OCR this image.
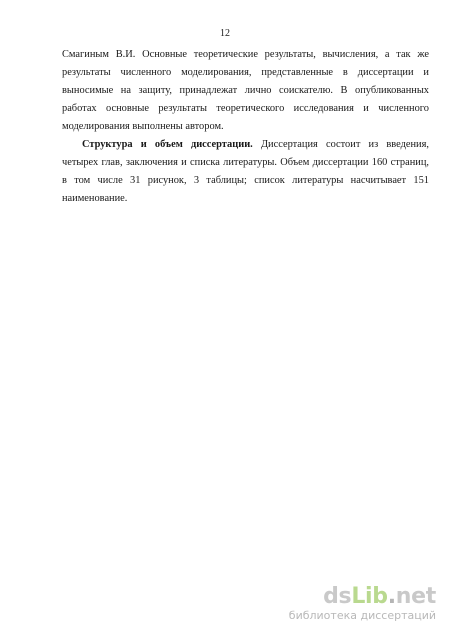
12
Смагиным В.И. Основные теоретические результаты, вычисления, а так же
результаты численного моделирования, представленные в диссертации и
выносимые на защиту, принадлежат лично соискателю. В опубликованных
работах основные результаты теоретического исследования и численного
моделирования выполнены автором.
Структура и объем диссертации. Диссертация состоит из введения,
четырех глав, заключения и списка литературы. Объем диссертации 160 страниц,
в том числе 31 рисунок, 3 таблицы; список литературы насчитывает 151
наименование.
dsLib.net
библиотека диссертаций
